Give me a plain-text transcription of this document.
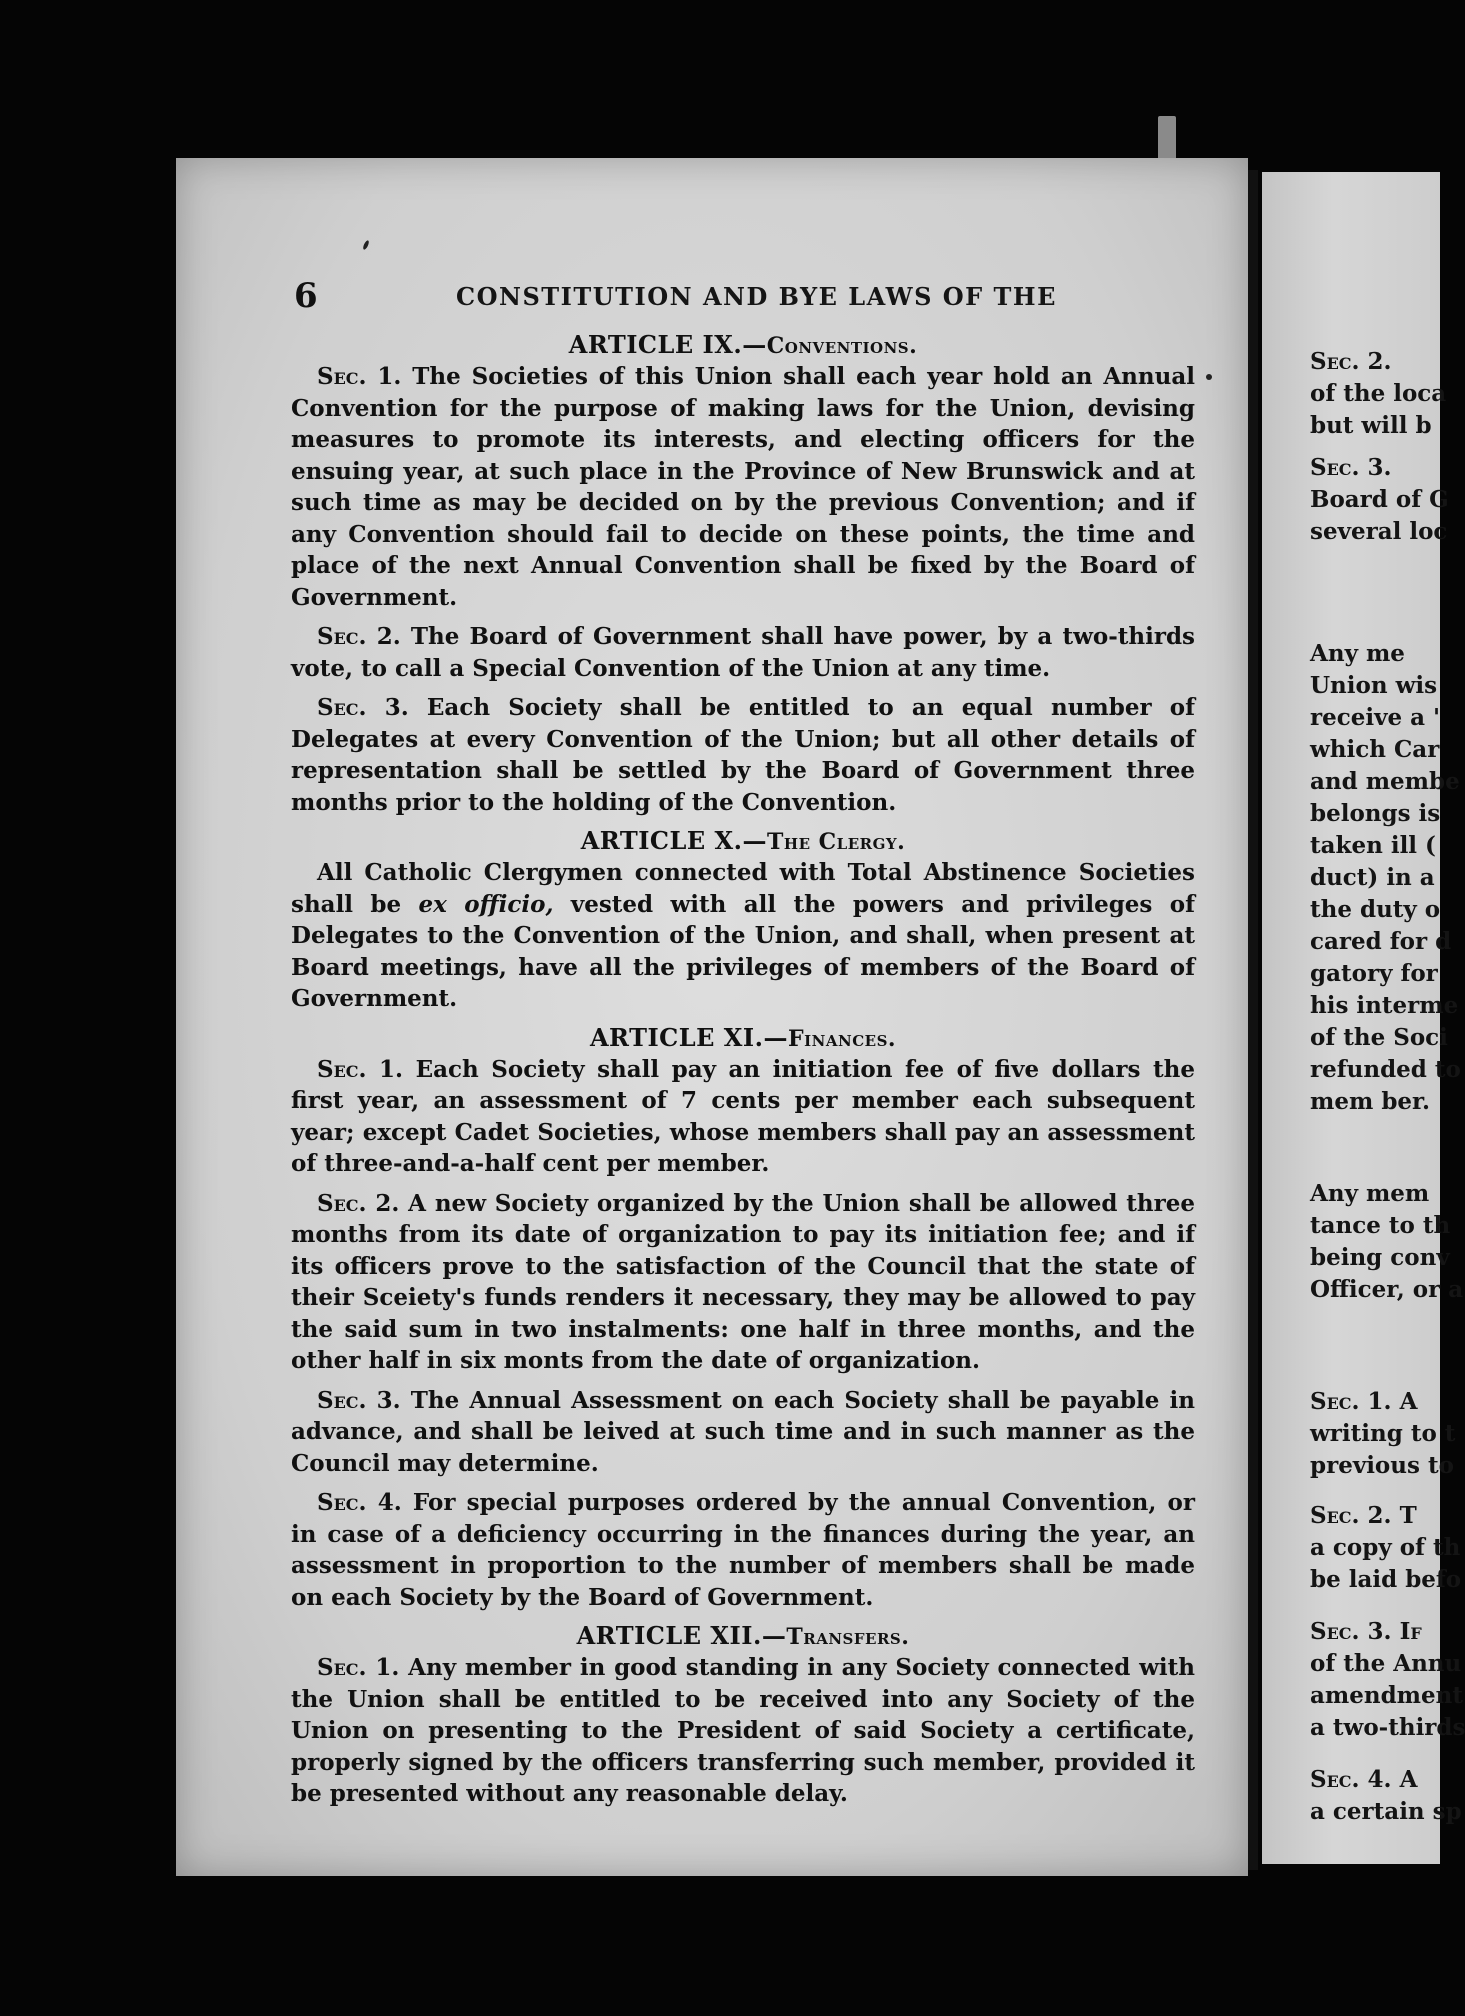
6	CONSTITUTION AND BYE LAWS OF THE
ARTICLE IX.—Conventions.

Sec. 1. The Societies of this Union shall each year hold an Annual Convention for the purpose of making laws for the Union, devising measures to promote its interests, and electing officers for the ensuing year, at such place in the Province of New Brunswick and at such time as may be decided on by the previous Convention; and if any Convention should fail to decide on these points, the time and place of the next Annual Convention shall be fixed by the Board of Government.

Sec. 2. The Board of Government shall have power, by a two-thirds vote, to call a Special Convention of the Union at any time.

Sec. 3. Each Society shall be entitled to an equal number of Delegates at every Convention of the Union; but all other details of representation shall be settled by the Board of Government three months prior to the holding of the Convention.

ARTICLE X.—The Clergy.

All Catholic Clergymen connected with Total Abstinence Societies shall be ex officio, vested with all the powers and privileges of Delegates to the Convention of the Union, and shall, when present at Board meetings, have all the privileges of members of the Board of Government.

ARTICLE XI.—Finances.

Sec. 1. Each Society shall pay an initiation fee of five dollars the first year, an assessment of 7 cents per member each subsequent year; except Cadet Societies, whose members shall pay an assessment of three-and-a-half cent per member.

Sec. 2. A new Society organized by the Union shall be allowed three months from its date of organization to pay its initiation fee; and if its officers prove to the satisfaction of the Council that the state of their Sceiety's funds renders it necessary, they may be allowed to pay the said sum in two instalments: one half in three months, and the other half in six monts from the date of organization.

Sec. 3. The Annual Assessment on each Society shall be payable in advance, and shall be leived at such time and in such manner as the Council may determine.

Sec. 4. For special purposes ordered by the annual Convention, or in case of a deficiency occurring in the finances during the year, an assessment in proportion to the number of members shall be made on each Society by the Board of Government.

ARTICLE XII.—Transfers.

Sec. 1. Any member in good standing in any Society connected with the Union shall be entitled to be received into any Society of the Union on presenting to the President of said Society a certificate, properly signed by the officers transferring such member, provided it be presented without any reasonable delay.

Sec. 2.
of the loca
but will b
Sec. 3.
Board of G
several loc
Any me
Union wis
receive a '
which Car
and membe
belongs is
taken ill (
duct) in a
the duty o
cared for d
gatory for
his interme
of the Soci
refunded to
mem ber.
Any mem
tance to th
being conv
Officer, or a
Sec. 1. A
writing to t
previous to
Sec. 2. T
a copy of th
be laid befo
Sec. 3. If
of the Annu
amendment
a two-thirds
Sec. 4. A
a certain sp
